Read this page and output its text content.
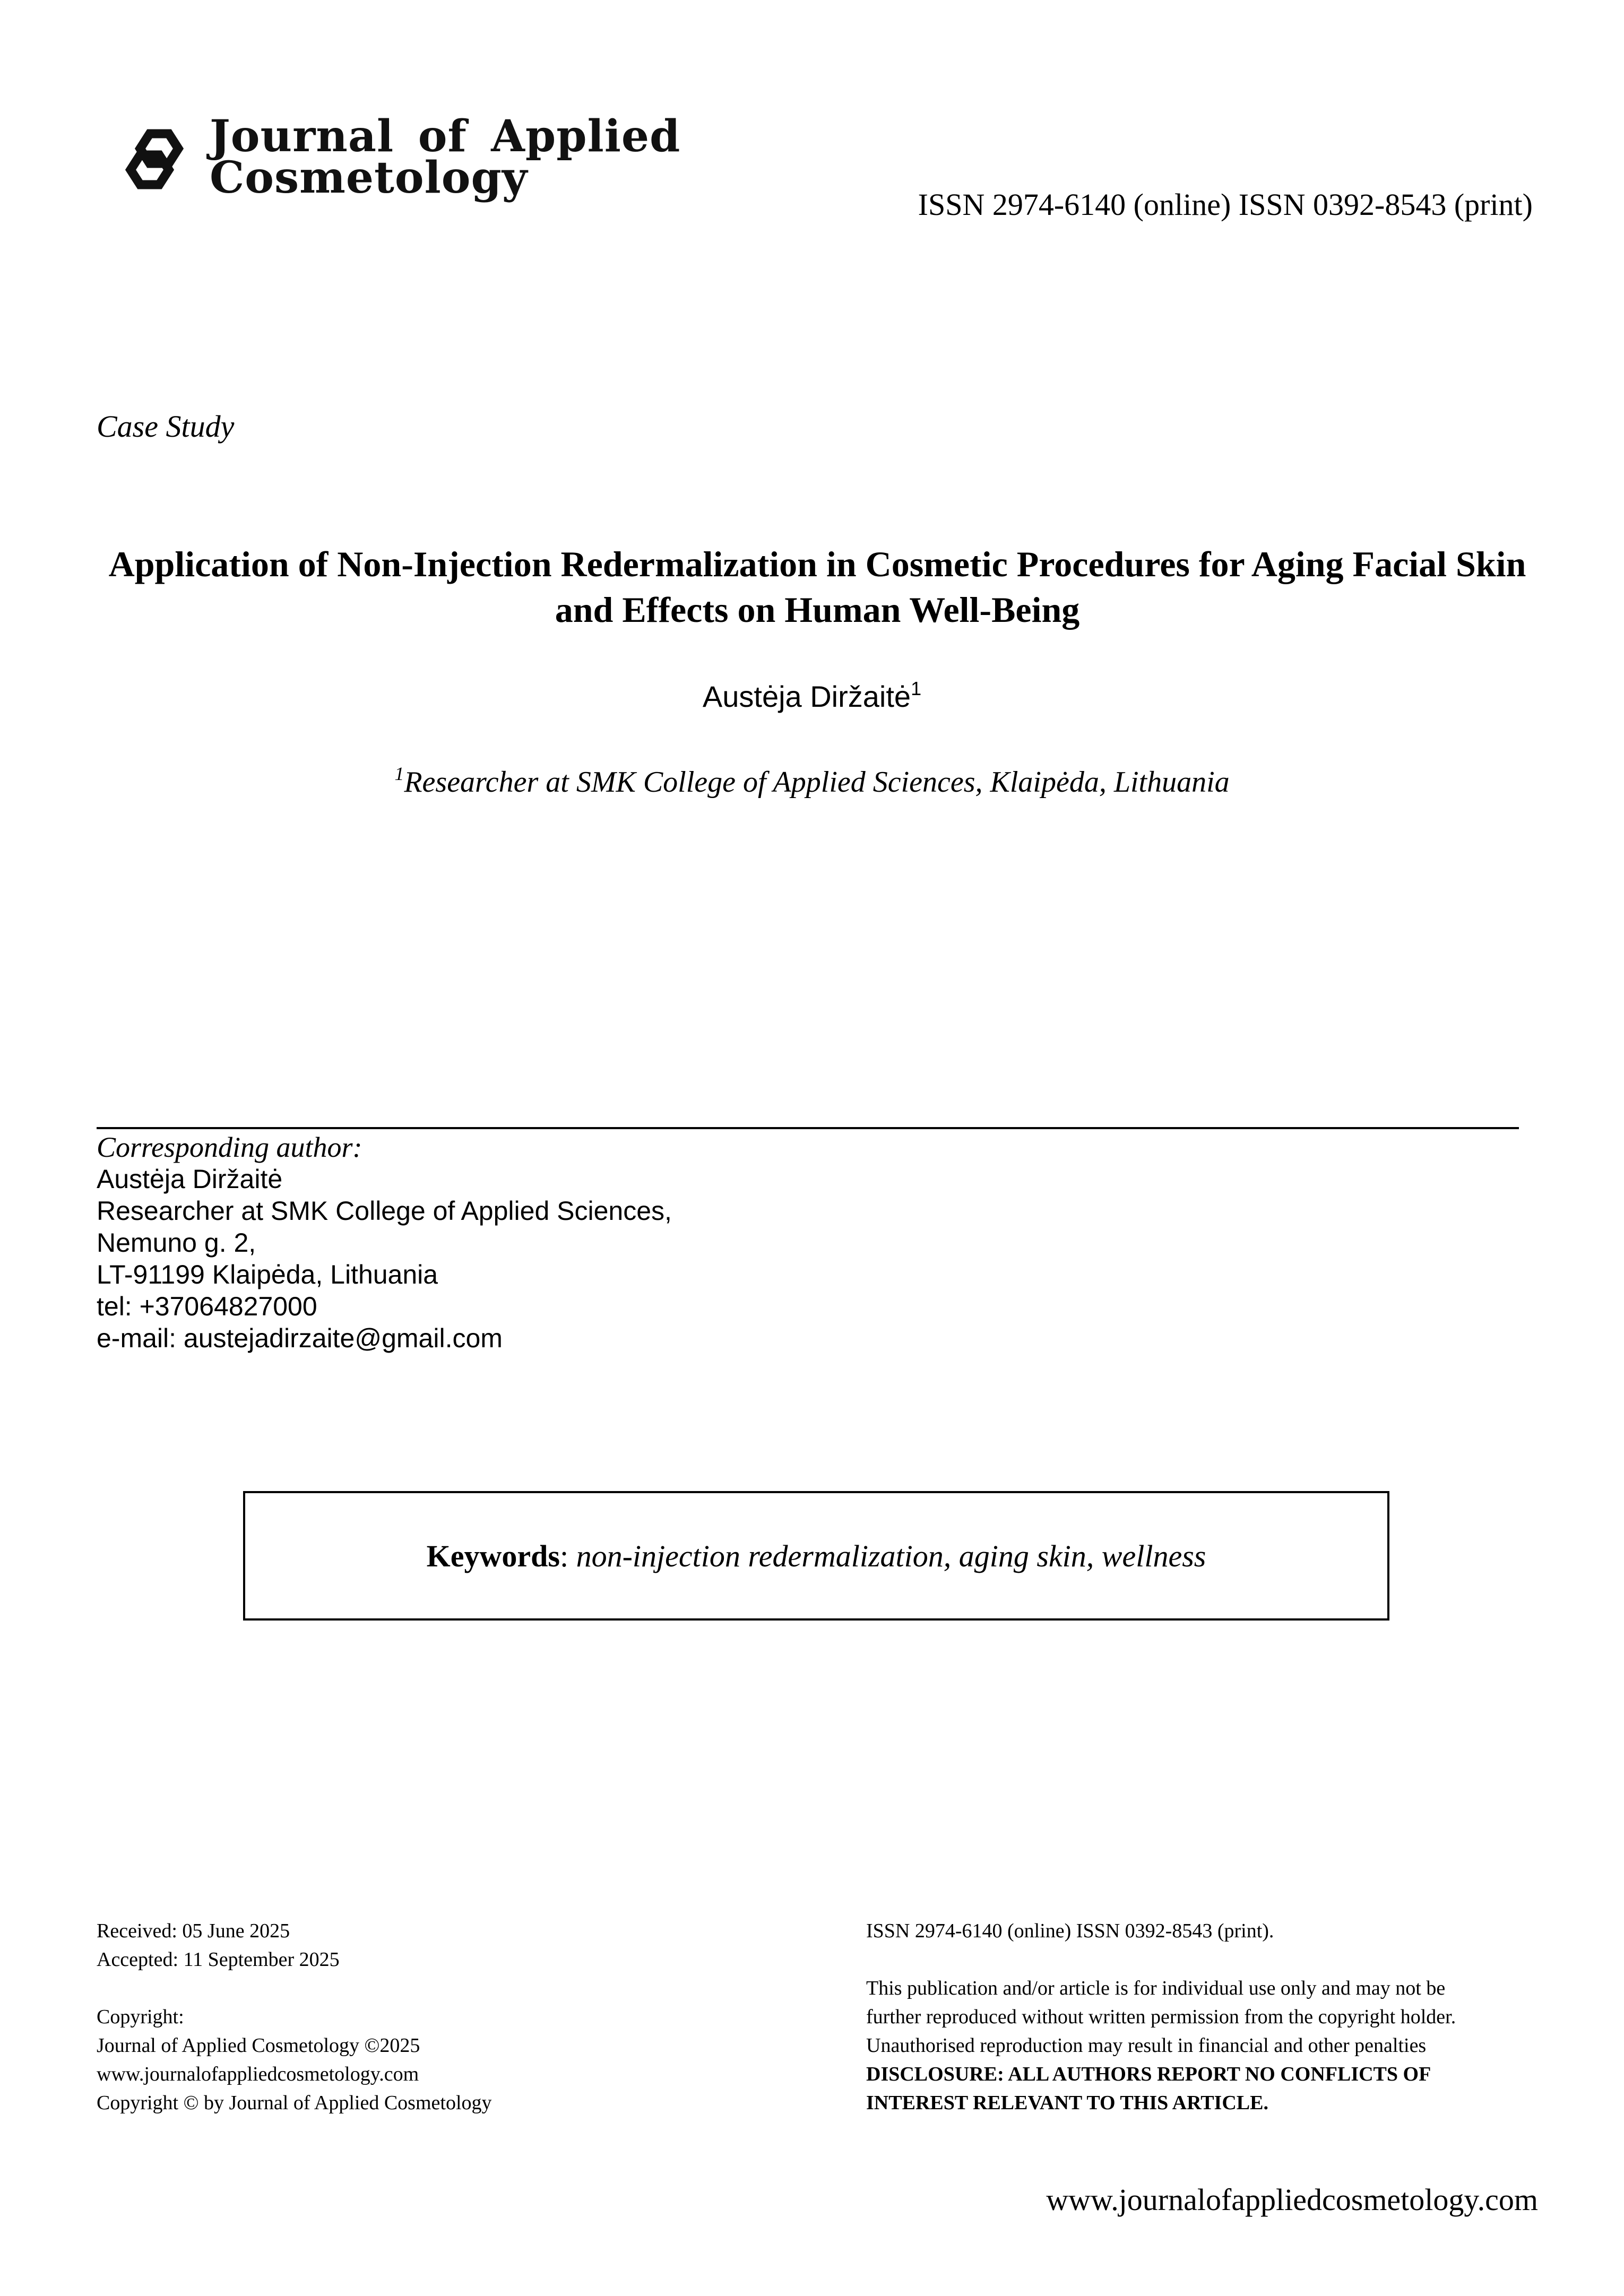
Journal of Applied
Cosmetology
ISSN 2974-6140 (online) ISSN 0392-8543 (print)
Case Study
Application of Non-Injection Redermalization in Cosmetic Procedures for Aging Facial Skin and Effects on Human Well-Being
Austėja Diržaitė$^1$
$^1$Researcher at SMK College of Applied Sciences, Klaipėda, Lithuania
Corresponding author:
Austėja Diržaitė
Researcher at SMK College of Applied Sciences,
Nemuno g. 2,
LT-91199 Klaipėda, Lithuania
tel: +37064827000
e-mail: austejadirzaite@gmail.com
Keywords: non-injection redermalization, aging skin, wellness
Received: 05 June 2025
Accepted: 11 September 2025
Copyright:
Journal of Applied Cosmetology ©2025
www.journalofappliedcosmetology.com
Copyright © by Journal of Applied Cosmetology
ISSN 2974-6140 (online) ISSN 0392-8543 (print).
This publication and/or article is for individual use only and may not be
further reproduced without written permission from the copyright holder.
Unauthorised reproduction may result in financial and other penalties
DISCLOSURE: ALL AUTHORS REPORT NO CONFLICTS OF
INTEREST RELEVANT TO THIS ARTICLE.
www.journalofappliedcosmetology.com
